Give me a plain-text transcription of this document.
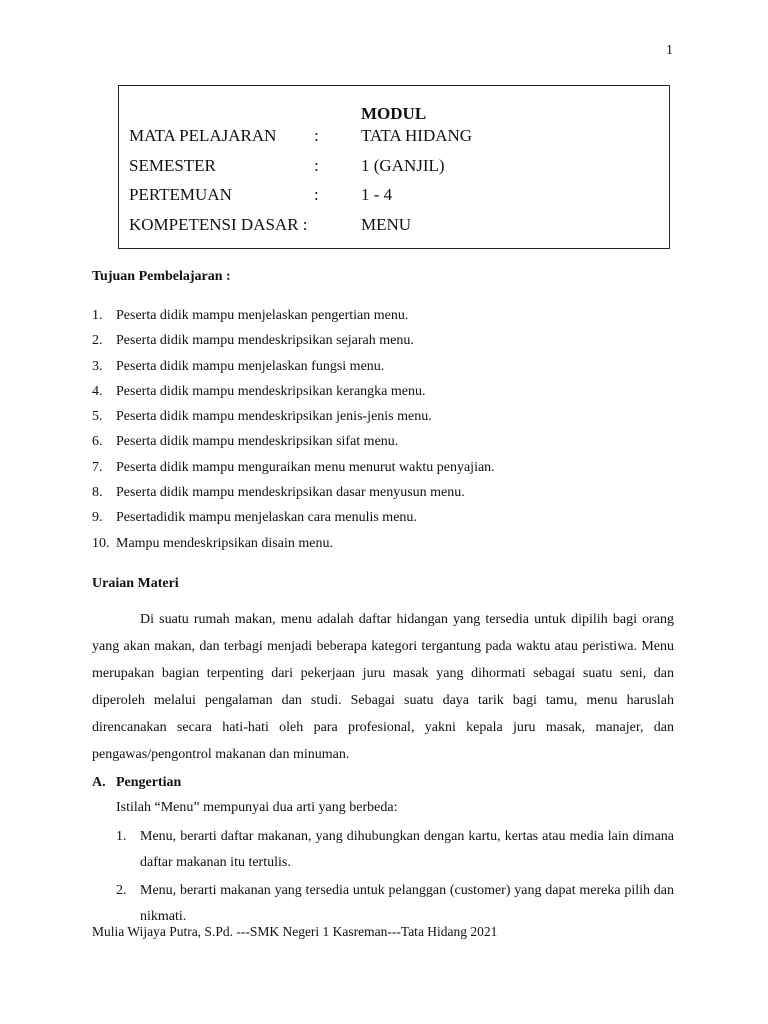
1
MODUL
MATA PELAJARAN : TATA HIDANG
SEMESTER	: 1 (GANJIL)
PERTEMUAN	: 1 - 4
KOMPETENSI DASAR :	MENU
Tujuan Pembelajaran :
1. Peserta didik mampu menjelaskan pengertian menu.
2. Peserta didik mampu mendeskripsikan sejarah menu.
3. Peserta didik mampu menjelaskan fungsi menu.
4. Peserta didik mampu mendeskripsikan kerangka menu.
5. Peserta didik mampu mendeskripsikan jenis-jenis menu.
6. Peserta didik mampu mendeskripsikan sifat menu.
7. Peserta didik mampu menguraikan menu menurut waktu penyajian.
8. Peserta didik mampu mendeskripsikan dasar menyusun menu.
9. Pesertadidik mampu menjelaskan cara menulis menu.
10. Mampu mendeskripsikan disain menu.
Uraian Materi

Di suatu rumah makan, menu adalah daftar hidangan yang tersedia untuk dipilih bagi orang yang akan makan, dan terbagi menjadi beberapa kategori tergantung pada waktu atau peristiwa. Menu merupakan bagian terpenting dari pekerjaan juru masak yang dihormati sebagai suatu seni, dan diperoleh melalui pengalaman dan studi. Sebagai suatu daya tarik bagi tamu, menu haruslah direncanakan secara hati-hati oleh para profesional, yakni kepala juru masak, manajer, dan pengawas/pengontrol makanan dan minuman.

A. Pengertian
Istilah “Menu” mempunyai dua arti yang berbeda:
1. Menu, berarti daftar makanan, yang dihubungkan dengan kartu, kertas atau media lain dimana daftar makanan itu tertulis.
2. Menu, berarti makanan yang tersedia untuk pelanggan (customer) yang dapat mereka pilih dan nikmati.
Mulia Wijaya Putra, S.Pd. ---SMK Negeri 1 Kasreman---Tata Hidang 2021
